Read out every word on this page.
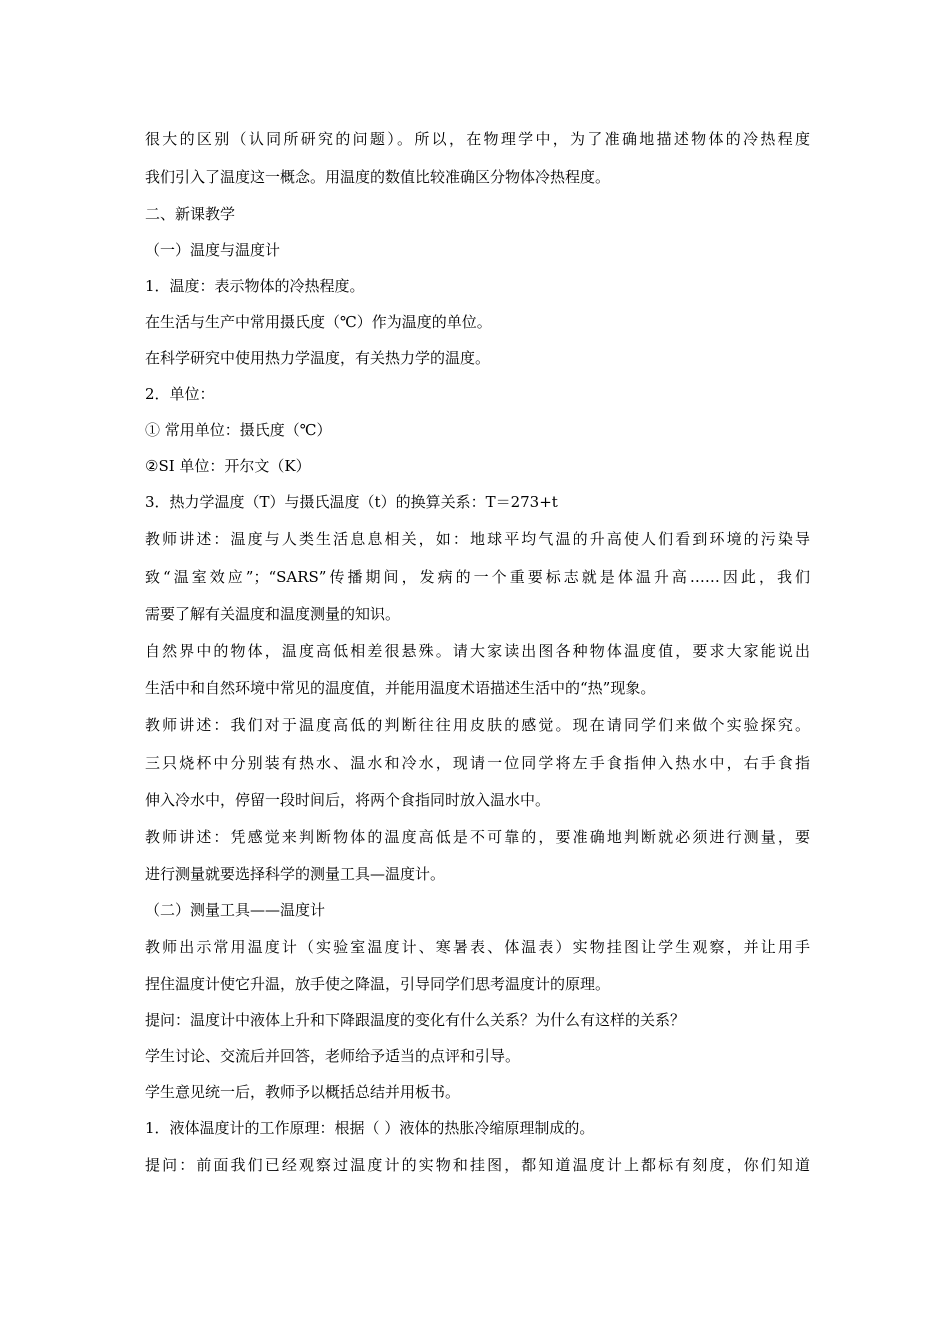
很大的区别（认同所研究的问题）。所以，在物理学中，为了准确地描述物体的冷热程度
我们引入了温度这一概念。用温度的数值比较准确区分物体冷热程度。
二、新课教学
（一）温度与温度计
1．温度：表示物体的冷热程度。
在生活与生产中常用摄氏度（℃）作为温度的单位。
在科学研究中使用热力学温度，有关热力学的温度。
2．单位：
① 常用单位：摄氏度（℃）
②SI 单位：开尔文（K）
3．热力学温度（T）与摄氏温度（t）的换算关系：T＝273+t
教师讲述：温度与人类生活息息相关，如：地球平均气温的升高使人们看到环境的污染导
致“温室效应”；“SARS”传播期间，发病的一个重要标志就是体温升高……因此，我们
需要了解有关温度和温度测量的知识。
自然界中的物体，温度高低相差很悬殊。请大家读出图各种物体温度值，要求大家能说出
生活中和自然环境中常见的温度值，并能用温度术语描述生活中的“热”现象。
教师讲述：我们对于温度高低的判断往往用皮肤的感觉。现在请同学们来做个实验探究。
三只烧杯中分别装有热水、温水和冷水，现请一位同学将左手食指伸入热水中，右手食指
伸入冷水中，停留一段时间后，将两个食指同时放入温水中。
教师讲述：凭感觉来判断物体的温度高低是不可靠的，要准确地判断就必须进行测量，要
进行测量就要选择科学的测量工具—温度计。
（二）测量工具——温度计
教师出示常用温度计（实验室温度计、寒暑表、体温表）实物挂图让学生观察，并让用手
捏住温度计使它升温，放手使之降温，引导同学们思考温度计的原理。
提问：温度计中液体上升和下降跟温度的变化有什么关系？为什么有这样的关系？
学生讨论、交流后并回答，老师给予适当的点评和引导。
学生意见统一后，教师予以概括总结并用板书。
1．液体温度计的工作原理：根据（ ）液体的热胀冷缩原理制成的。
提问：前面我们已经观察过温度计的实物和挂图，都知道温度计上都标有刻度，你们知道
